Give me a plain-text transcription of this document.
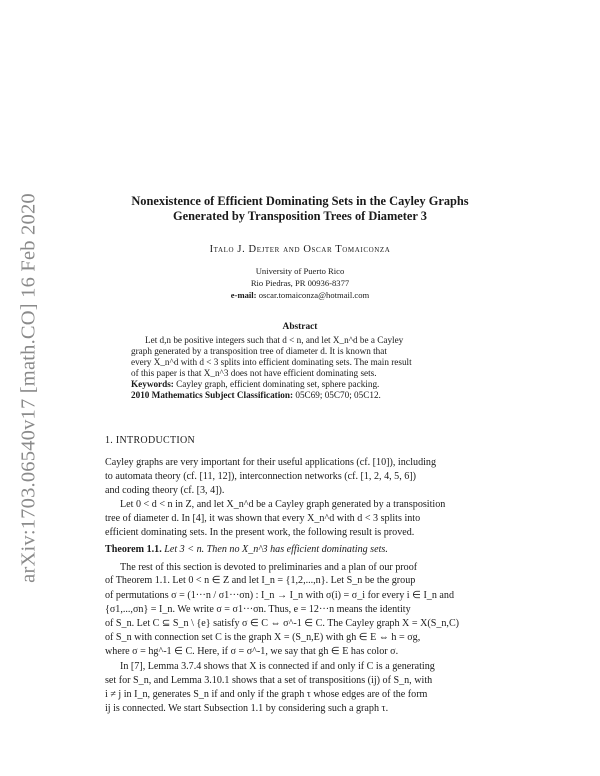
arXiv:1703.06540v17 [math.CO] 16 Feb 2020	Nonexistence of Efficient Dominating Sets in the Cayley Graphs
Generated by Transposition Trees of Diameter 3
Italo J. Dejter and Oscar Tomaiconza
University of Puerto Rico
Rio Piedras, PR 00936-8377
e-mail: oscar.tomaiconza@hotmail.com
Abstract
Let d,n be positive integers such that d < n, and let X_n^d be a Cayley
graph generated by a transposition tree of diameter d. It is known that
every X_n^d with d < 3 splits into efficient dominating sets. The main result
of this paper is that X_n^3 does not have efficient dominating sets.
Keywords: Cayley graph, efficient dominating set, sphere packing.
2010 Mathematics Subject Classification: 05C69; 05C70; 05C12.
1. INTRODUCTION
Cayley graphs are very important for their useful applications (cf. [10]), including
to automata theory (cf. [11, 12]), interconnection networks (cf. [1, 2, 4, 5, 6])
and coding theory (cf. [3, 4]).
Let 0 < d < n in Z, and let X_n^d be a Cayley graph generated by a transposition
tree of diameter d. In [4], it was shown that every X_n^d with d < 3 splits into
efficient dominating sets. In the present work, the following result is proved.
Theorem 1.1. Let 3 < n. Then no X_n^3 has efficient dominating sets.
The rest of this section is devoted to preliminaries and a plan of our proof
of Theorem 1.1. Let 0 < n ∈ Z and let I_n = {1,2,...,n}. Let S_n be the group
of permutations σ = (1···n / σ1···σn) : I_n → I_n with σ(i) = σ_i for every i ∈ I_n and
{σ1,...,σn} = I_n. We write σ = σ1···σn. Thus, e = 12···n means the identity
of S_n. Let C ⊆ S_n \ {e} satisfy σ ∈ C ⇔ σ^-1 ∈ C. The Cayley graph X = X(S_n,C)
of S_n with connection set C is the graph X = (S_n,E) with gh ∈ E ⇔ h = σg,
where σ = hg^-1 ∈ C. Here, if σ = σ^-1, we say that gh ∈ E has color σ.
In [7], Lemma 3.7.4 shows that X is connected if and only if C is a generating
set for S_n, and Lemma 3.10.1 shows that a set of transpositions (ij) of S_n, with
i ≠ j in I_n, generates S_n if and only if the graph τ whose edges are of the form
ij is connected. We start Subsection 1.1 by considering such a graph τ.
